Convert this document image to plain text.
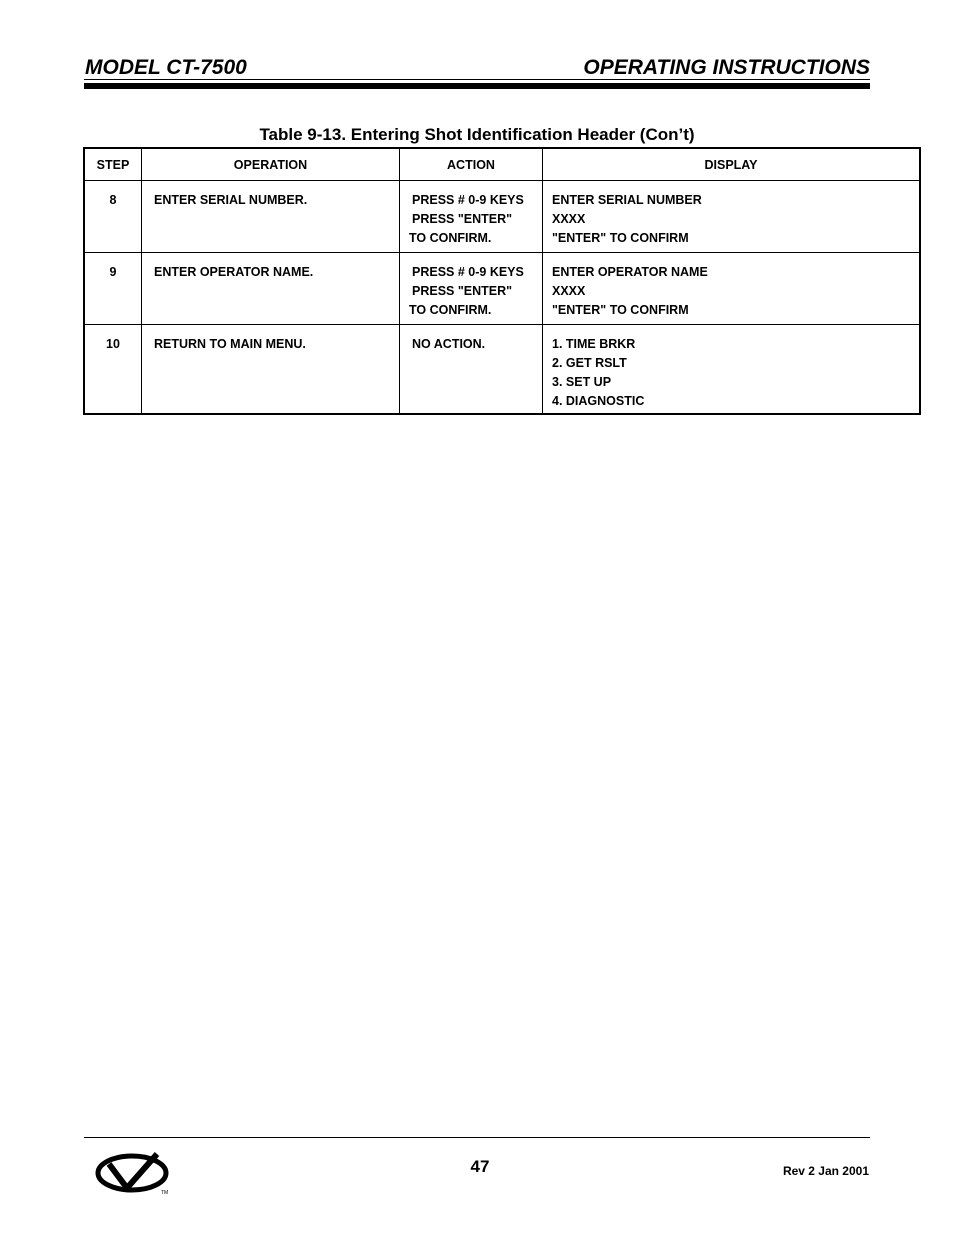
MODEL CT-7500	OPERATING INSTRUCTIONS
Table 9-13. Entering Shot Identification Header (Con’t)
STEP	OPERATION	ACTION	DISPLAY
8	ENTER SERIAL NUMBER.	PRESS # 0-9 KEYS
PRESS "ENTER"
TO CONFIRM.	ENTER SERIAL NUMBER
XXXX
"ENTER" TO CONFIRM

9	ENTER OPERATOR NAME.	PRESS # 0-9 KEYS
PRESS "ENTER"
TO CONFIRM.	ENTER OPERATOR NAME
XXXX
"ENTER" TO CONFIRM

10	RETURN TO MAIN MENU.	NO ACTION.	1. TIME BRKR
2. GET RSLT
3. SET UP
4. DIAGNOSTIC
TM
47	Rev 2 Jan 2001
